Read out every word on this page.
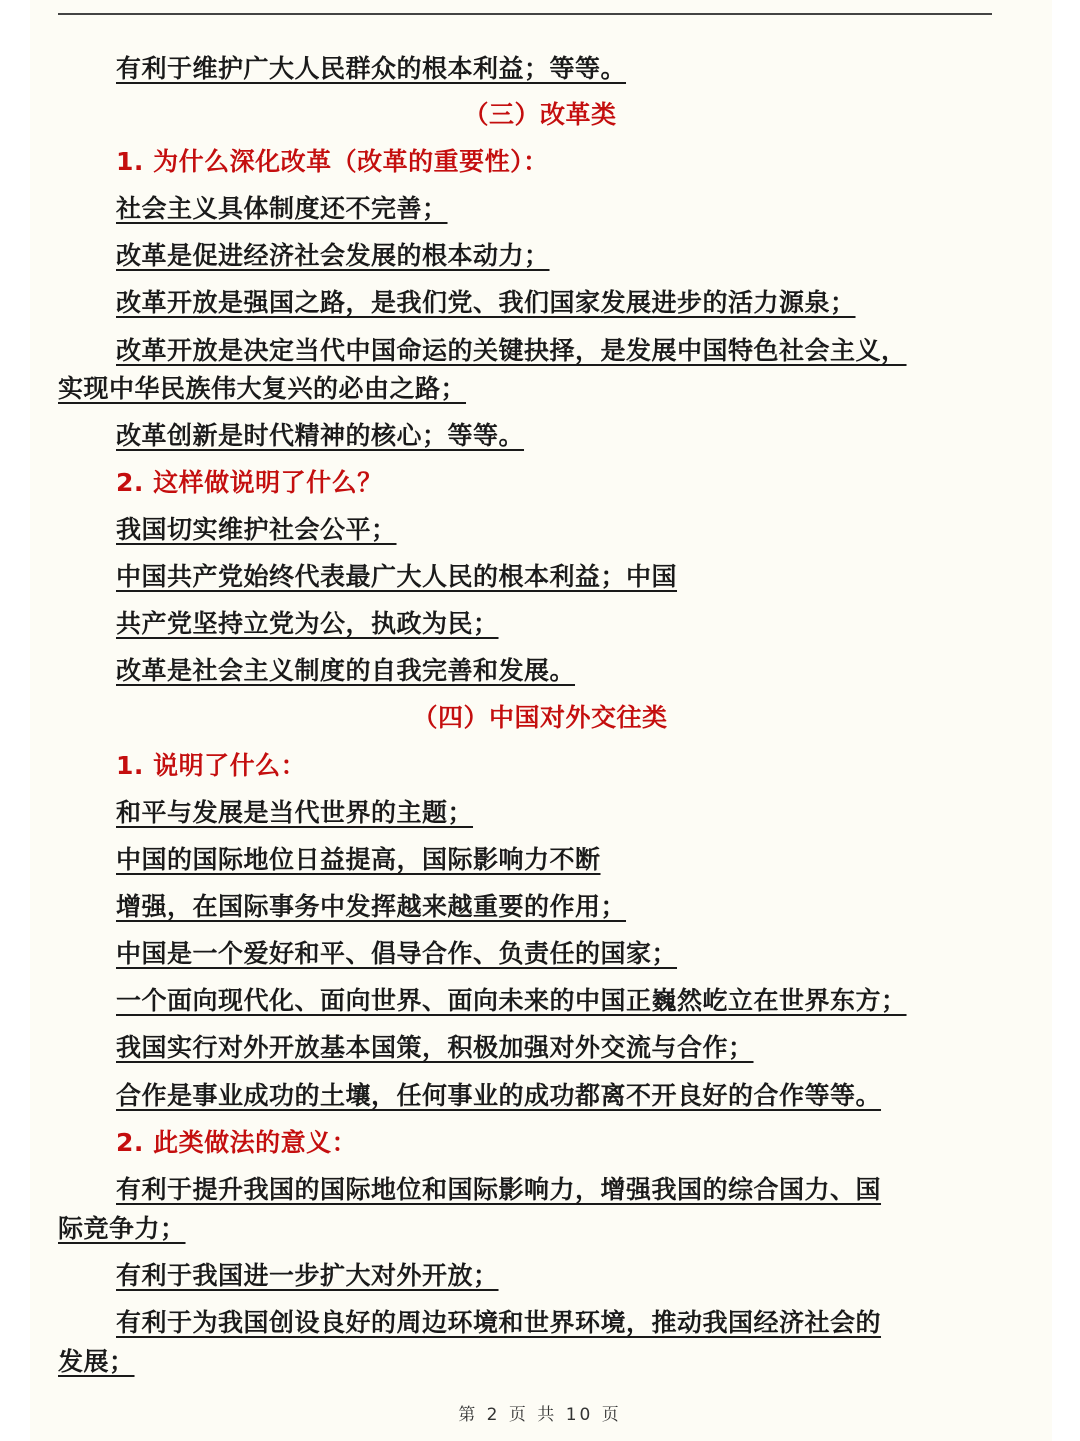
有利于维护广大人民群众的根本利益；等等。
（三）改革类
1. 为什么深化改革（改革的重要性）：
社会主义具体制度还不完善；
改革是促进经济社会发展的根本动力；
改革开放是强国之路，是我们党、我们国家发展进步的活力源泉；
改革开放是决定当代中国命运的关键抉择，是发展中国特色社会主义，
实现中华民族伟大复兴的必由之路；
改革创新是时代精神的核心；等等。
2. 这样做说明了什么？
我国切实维护社会公平；
中国共产党始终代表最广大人民的根本利益；中国
共产党坚持立党为公，执政为民；
改革是社会主义制度的自我完善和发展。
（四）中国对外交往类
1. 说明了什么：
和平与发展是当代世界的主题；
中国的国际地位日益提高，国际影响力不断
增强，在国际事务中发挥越来越重要的作用；
中国是一个爱好和平、倡导合作、负责任的国家；
一个面向现代化、面向世界、面向未来的中国正巍然屹立在世界东方；
我国实行对外开放基本国策，积极加强对外交流与合作；
合作是事业成功的土壤，任何事业的成功都离不开良好的合作等等。
2. 此类做法的意义：
有利于提升我国的国际地位和国际影响力，增强我国的综合国力、国
际竞争力；
有利于我国进一步扩大对外开放；
有利于为我国创设良好的周边环境和世界环境，推动我国经济社会的
发展；
第 2 页 共 10 页
